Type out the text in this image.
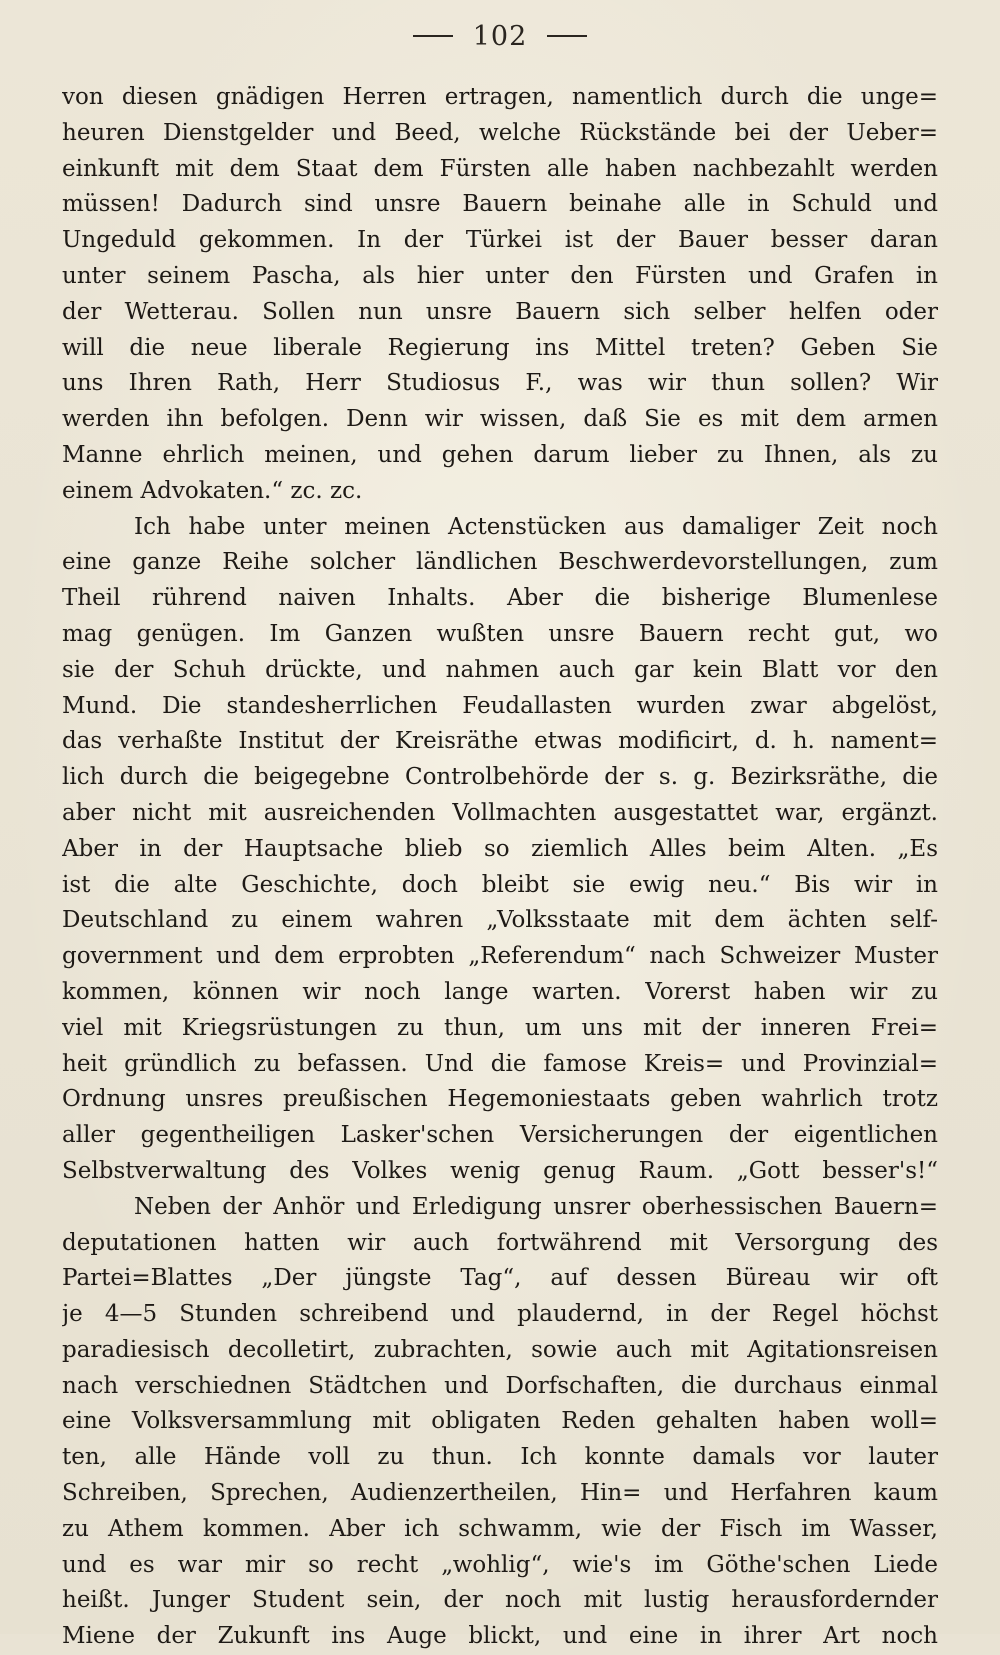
102
von diesen gnädigen Herren ertragen, namentlich durch die unge=
heuren Dienstgelder und Beed, welche Rückstände bei der Ueber=
einkunft mit dem Staat dem Fürsten alle haben nachbezahlt werden
müssen! Dadurch sind unsre Bauern beinahe alle in Schuld und
Ungeduld gekommen. In der Türkei ist der Bauer besser daran
unter seinem Pascha, als hier unter den Fürsten und Grafen in
der Wetterau. Sollen nun unsre Bauern sich selber helfen oder
will die neue liberale Regierung ins Mittel treten? Geben Sie
uns Ihren Rath, Herr Studiosus F., was wir thun sollen? Wir
werden ihn befolgen. Denn wir wissen, daß Sie es mit dem armen
Manne ehrlich meinen, und gehen darum lieber zu Ihnen, als zu
einem Advokaten.“ zc. zc.
Ich habe unter meinen Actenstücken aus damaliger Zeit noch
eine ganze Reihe solcher ländlichen Beschwerdevorstellungen, zum
Theil rührend naiven Inhalts. Aber die bisherige Blumenlese
mag genügen. Im Ganzen wußten unsre Bauern recht gut, wo
sie der Schuh drückte, und nahmen auch gar kein Blatt vor den
Mund. Die standesherrlichen Feudallasten wurden zwar abgelöst,
das verhaßte Institut der Kreisräthe etwas modificirt, d. h. nament=
lich durch die beigegebne Controlbehörde der s. g. Bezirksräthe, die
aber nicht mit ausreichenden Vollmachten ausgestattet war, ergänzt.
Aber in der Hauptsache blieb so ziemlich Alles beim Alten. „Es
ist die alte Geschichte, doch bleibt sie ewig neu.“ Bis wir in
Deutschland zu einem wahren „Volksstaate mit dem ächten self-
government und dem erprobten „Referendum“ nach Schweizer Muster
kommen, können wir noch lange warten. Vorerst haben wir zu
viel mit Kriegsrüstungen zu thun, um uns mit der inneren Frei=
heit gründlich zu befassen. Und die famose Kreis= und Provinzial=
Ordnung unsres preußischen Hegemoniestaats geben wahrlich trotz
aller gegentheiligen Lasker'schen Versicherungen der eigentlichen
Selbstverwaltung des Volkes wenig genug Raum. „Gott besser's!“
Neben der Anhör und Erledigung unsrer oberhessischen Bauern=
deputationen hatten wir auch fortwährend mit Versorgung des
Partei=Blattes „Der jüngste Tag“, auf dessen Büreau wir oft
je 4—5 Stunden schreibend und plaudernd, in der Regel höchst
paradiesisch decolletirt, zubrachten, sowie auch mit Agitationsreisen
nach verschiednen Städtchen und Dorfschaften, die durchaus einmal
eine Volksversammlung mit obligaten Reden gehalten haben woll=
ten, alle Hände voll zu thun. Ich konnte damals vor lauter
Schreiben, Sprechen, Audienzertheilen, Hin= und Herfahren kaum
zu Athem kommen. Aber ich schwamm, wie der Fisch im Wasser,
und es war mir so recht „wohlig“, wie's im Göthe'schen Liede
heißt. Junger Student sein, der noch mit lustig herausfordernder
Miene der Zukunft ins Auge blickt, und eine in ihrer Art noch
